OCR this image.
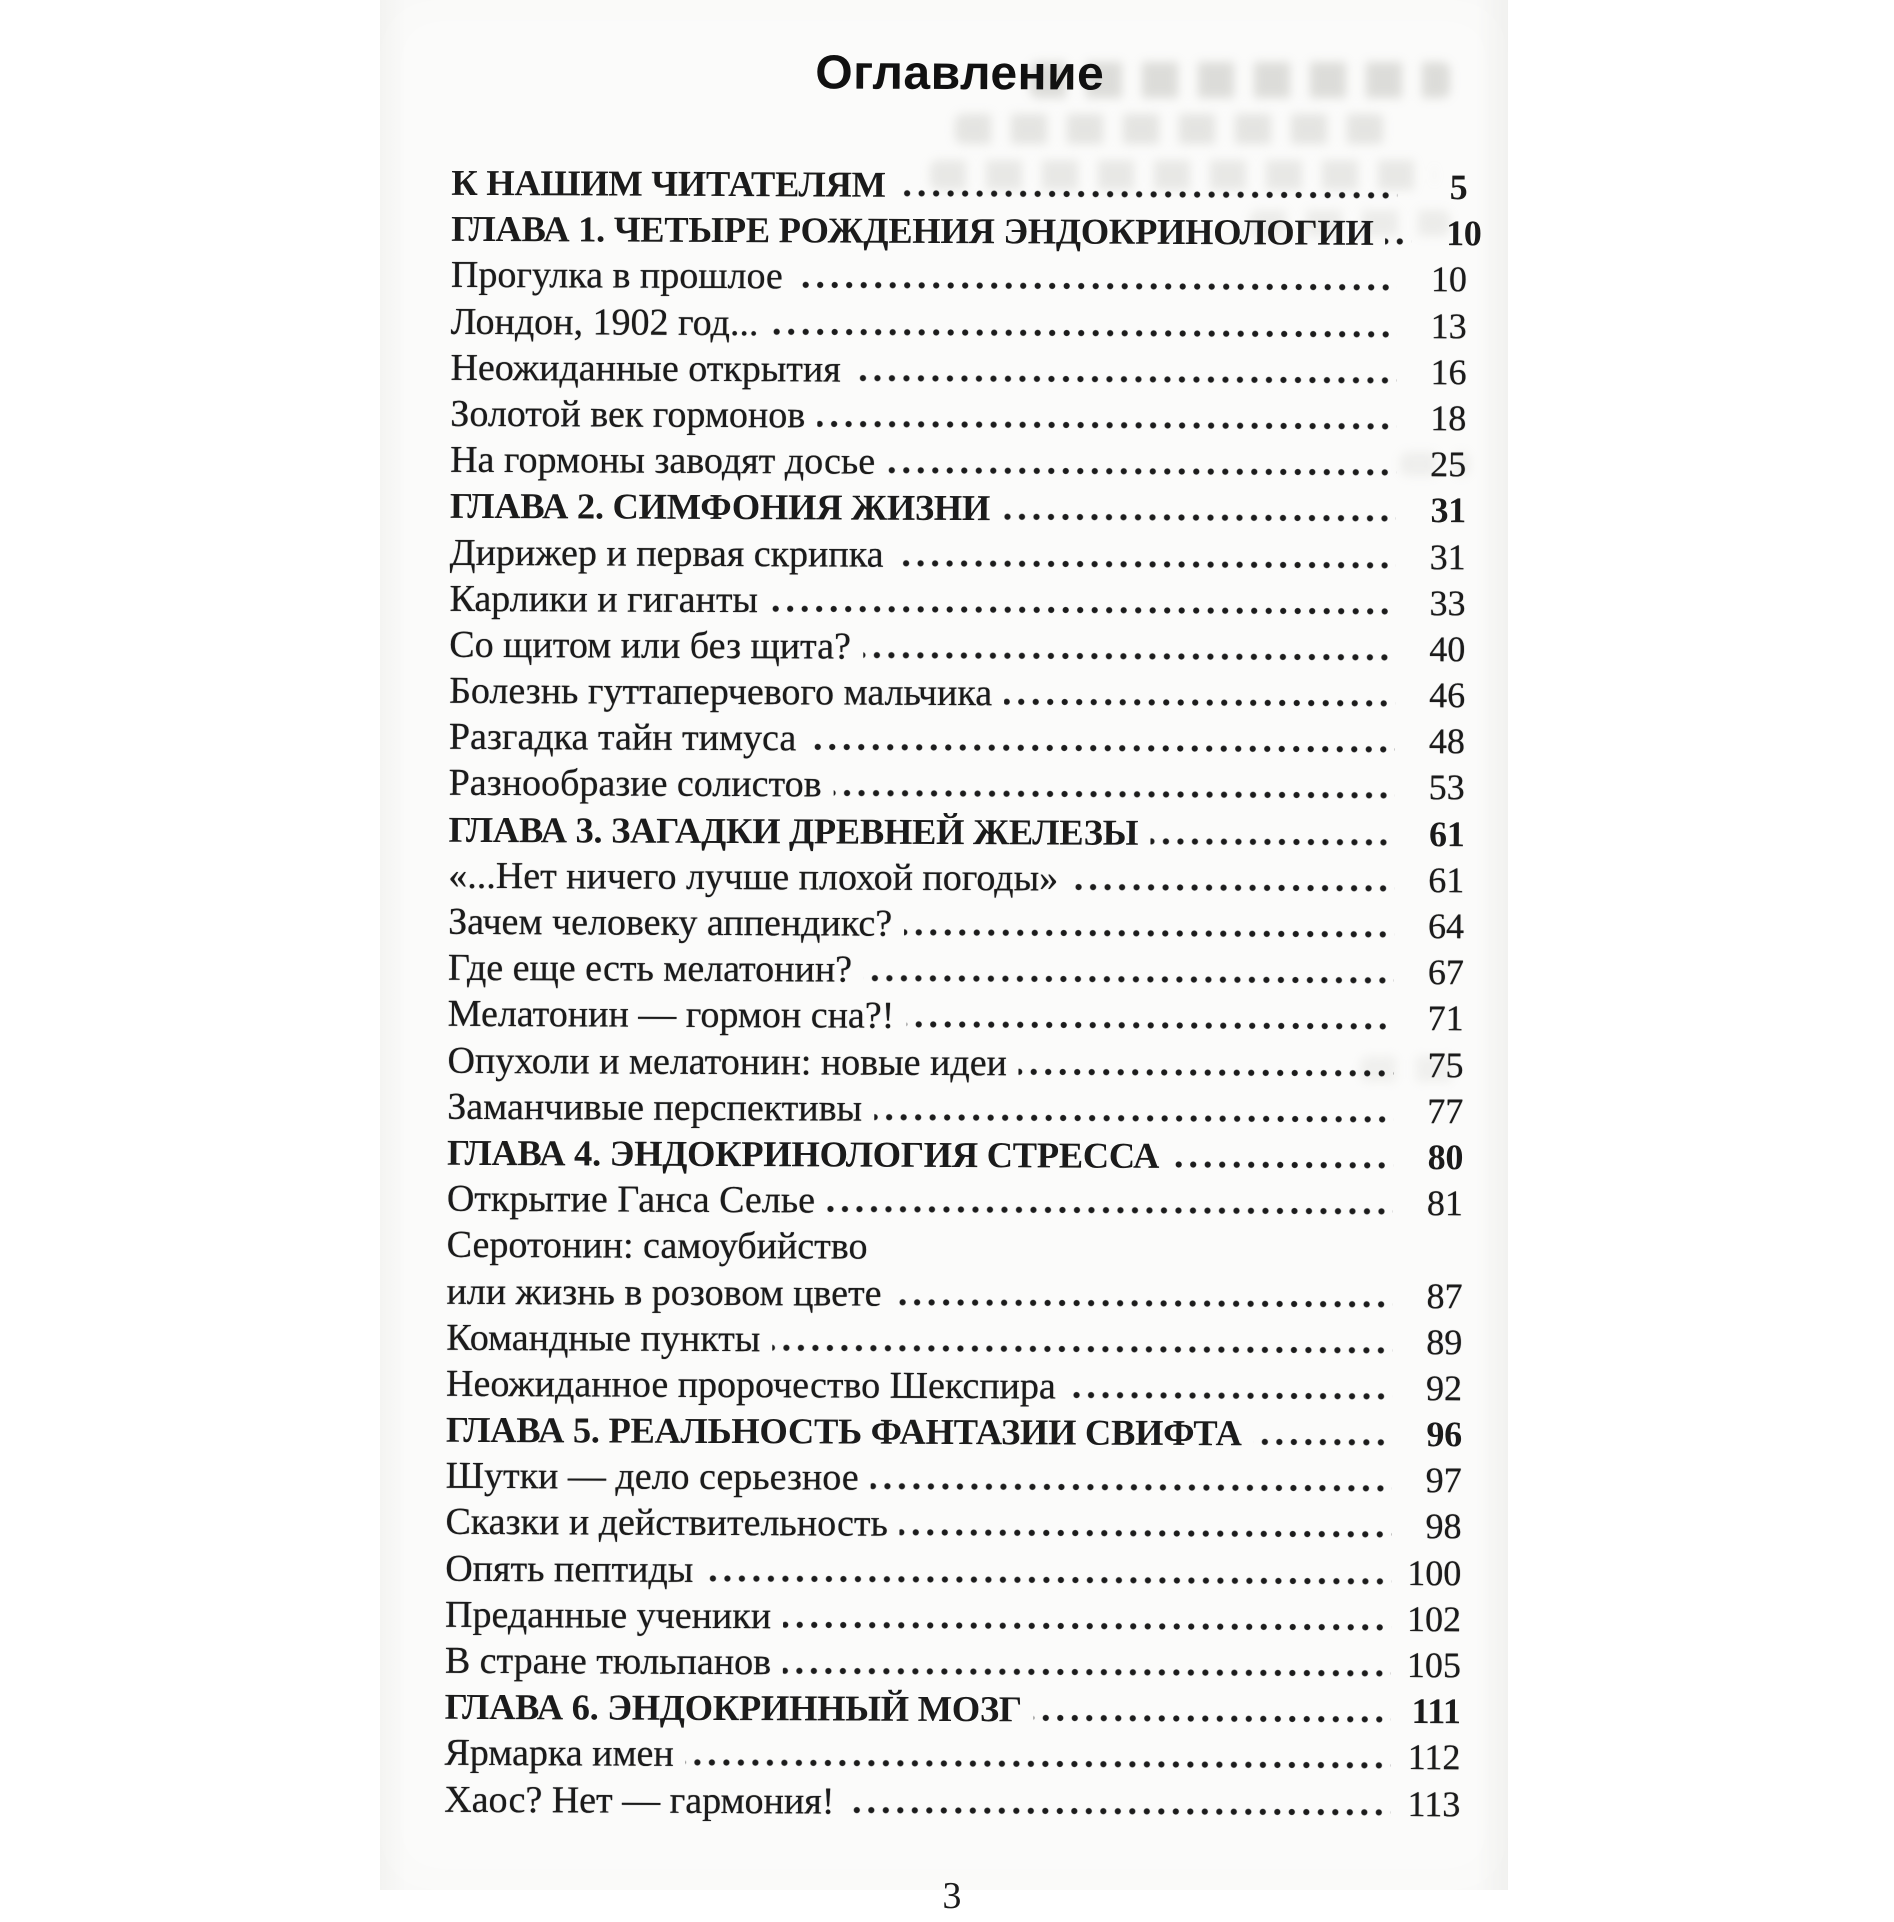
Оглавление
К НАШИМ ЧИТАТЕЛЯМ	5
ГЛАВА 1. ЧЕТЫРЕ РОЖДЕНИЯ ЭНДОКРИНОЛОГИИ	10
Прогулка в прошлое	10
Лондон, 1902 год...	13
Неожиданные открытия	16
Золотой век гормонов	18
На гормоны заводят досье	25
ГЛАВА 2. СИМФОНИЯ ЖИЗНИ	31
Дирижер и первая скрипка	31
Карлики и гиганты	33
Со щитом или без щита?	40
Болезнь гуттаперчевого мальчика	46
Разгадка тайн тимуса	48
Разнообразие солистов	53
ГЛАВА 3. ЗАГАДКИ ДРЕВНЕЙ ЖЕЛЕЗЫ	61
«...Нет ничего лучше плохой погоды»	61
Зачем человеку аппендикс?	64
Где еще есть мелатонин?	67
Мелатонин — гормон сна?!	71
Опухоли и мелатонин: новые идеи	75
Заманчивые перспективы	77
ГЛАВА 4. ЭНДОКРИНОЛОГИЯ СТРЕССА	80
Открытие Ганса Селье	81
Серотонин: самоубийство
или жизнь в розовом цвете	87
Командные пункты	89
Неожиданное пророчество Шекспира	92
ГЛАВА 5. РЕАЛЬНОСТЬ ФАНТАЗИИ СВИФТА	96
Шутки — дело серьезное	97
Сказки и действительность	98
Опять пептиды	100
Преданные ученики	102
В стране тюльпанов	105
ГЛАВА 6. ЭНДОКРИННЫЙ МОЗГ	111
Ярмарка имен	112
Хаос? Нет — гармония!	113
3
